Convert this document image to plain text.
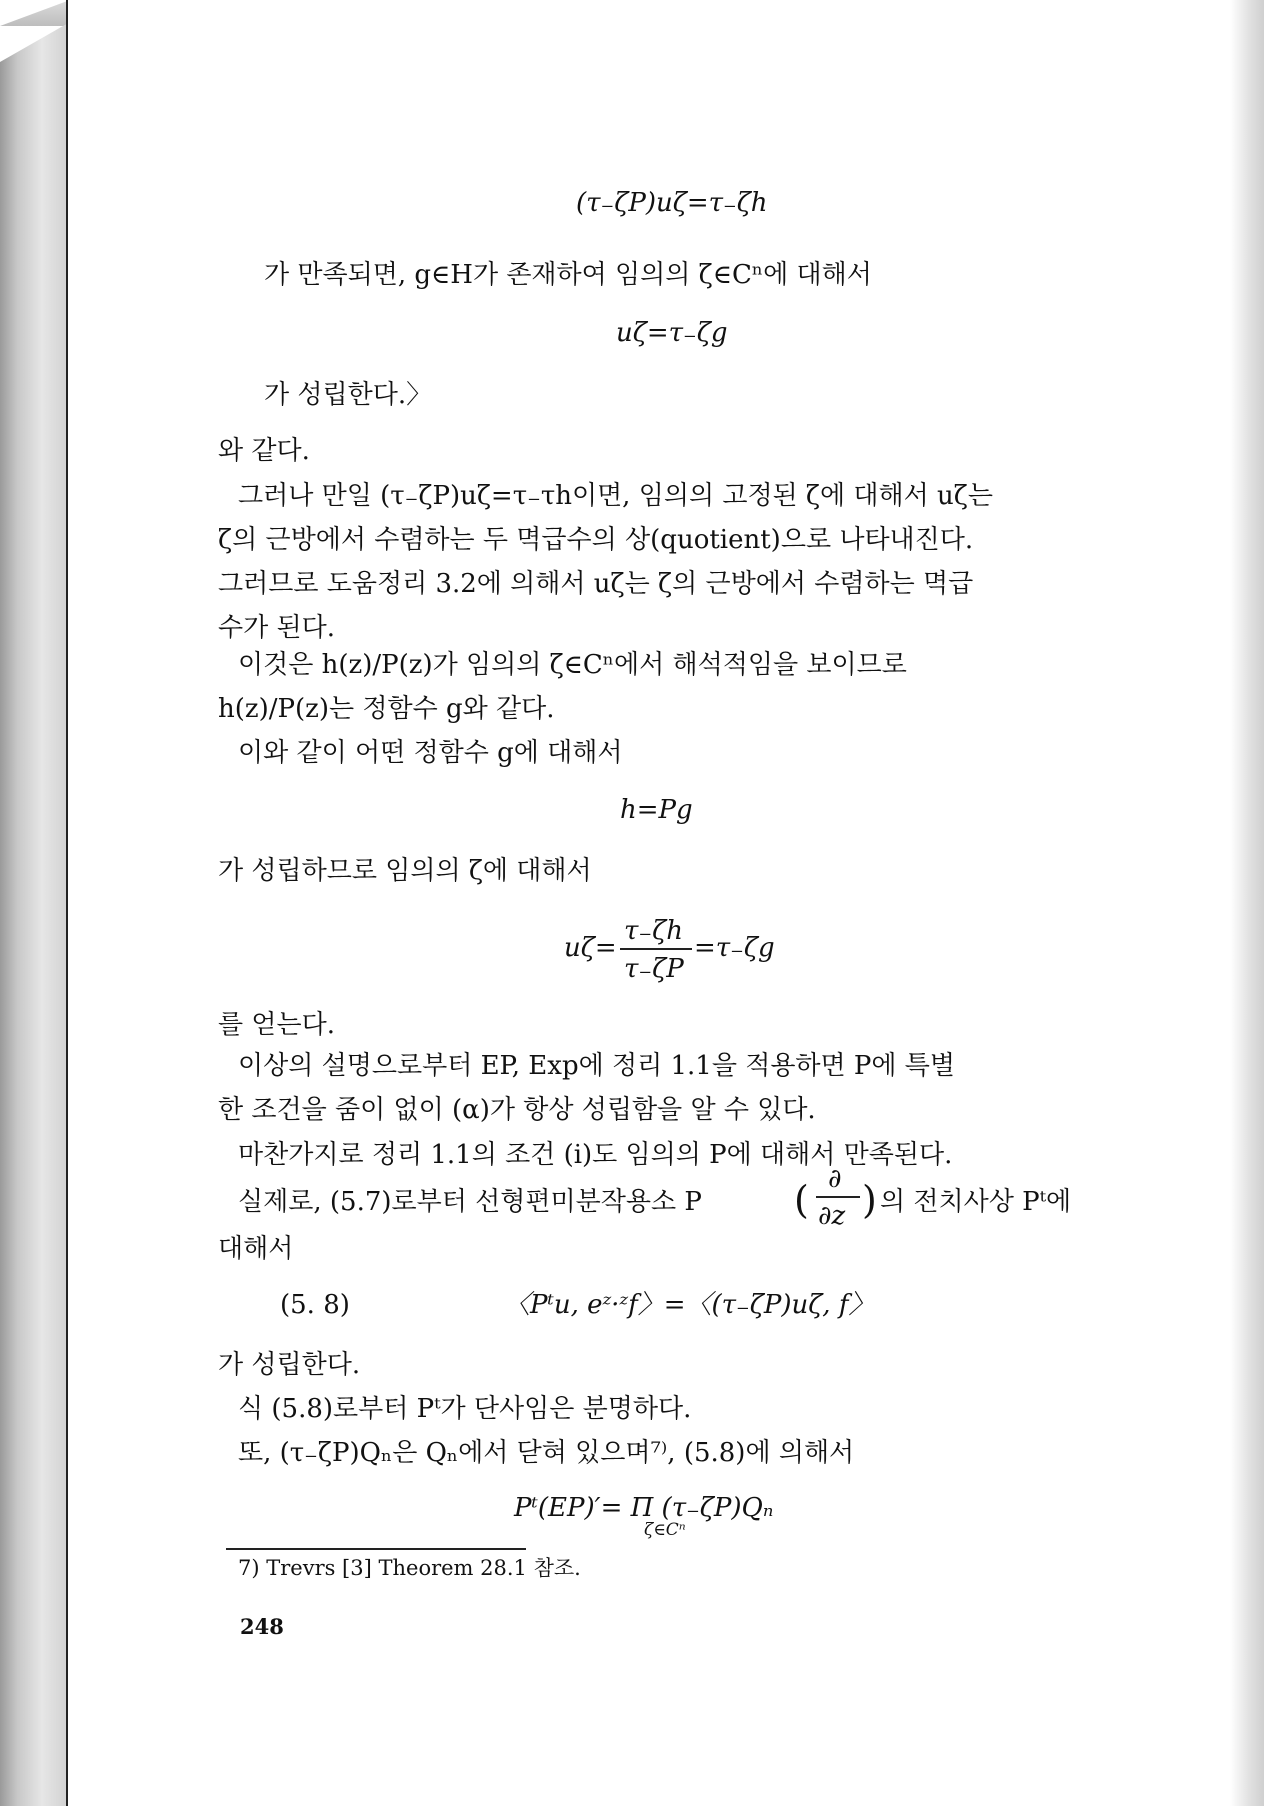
(τ₋ζP)uζ=τ₋ζh
가 만족되면, g∈H가 존재하여 임의의 ζ∈Cⁿ에 대해서
uζ=τ₋ζg
가 성립한다.〉
와 같다.
그러나 만일 (τ₋ζP)uζ=τ₋τh이면, 임의의 고정된 ζ에 대해서 uζ는
ζ의 근방에서 수렴하는 두 멱급수의 상(quotient)으로 나타내진다.
그러므로 도움정리 3.2에 의해서 uζ는 ζ의 근방에서 수렴하는 멱급
수가 된다.
이것은 h(z)/P(z)가 임의의 ζ∈Cⁿ에서 해석적임을 보이므로
h(z)/P(z)는 정함수 g와 같다.
이와 같이 어떤 정함수 g에 대해서
h=Pg
가 성립하므로 임의의 ζ에 대해서
uζ=
τ₋ζh
τ₋ζP
=τ₋ζg
를 얻는다.
이상의 설명으로부터 EP, Exp에 정리 1.1을 적용하면 P에 특별
한 조건을 줌이 없이 (α)가 항상 성립함을 알 수 있다.
마찬가지로 정리 1.1의 조건 (i)도 임의의 P에 대해서 만족된다.
실제로, (5.7)로부터 선형편미분작용소 P ( ∂
∂z ) 의 전치사상 Pᵗ에
대해서
(5. 8)	〈Pᵗu, eᶻ·ᶻf〉=〈(τ₋ζP)uζ, f〉
가 성립한다.
식 (5.8)로부터 Pᵗ가 단사임은 분명하다.
또, (τ₋ζP)Qₙ은 Qₙ에서 닫혀 있으며⁷⁾, (5.8)에 의해서
Pᵗ(EP)′= Π (τ₋ζP)Qₙ
ζ∈Cⁿ
7) Trevrs [3] Theorem 28.1 참조.
248
